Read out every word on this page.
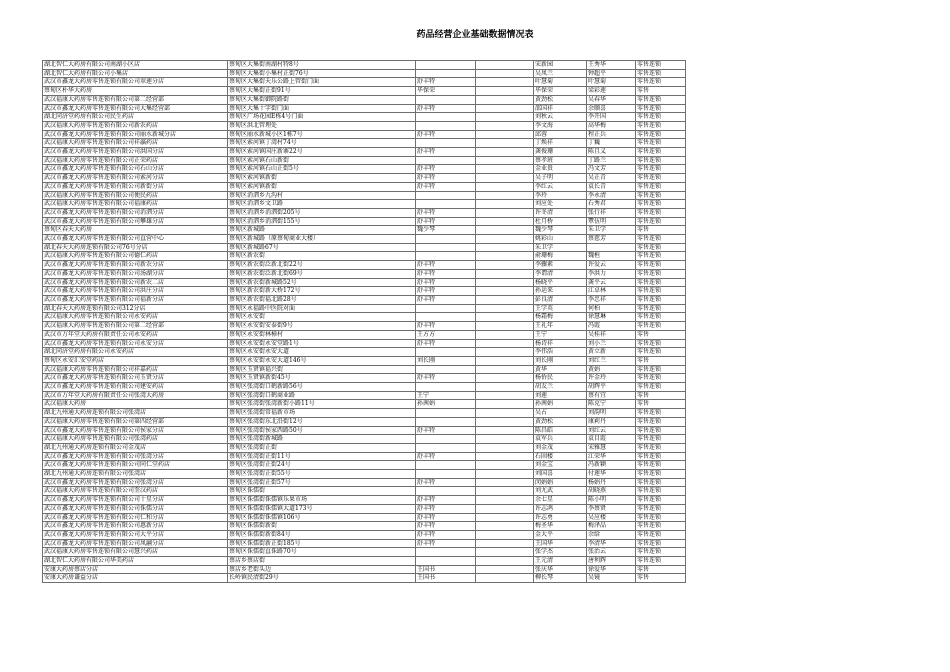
药品经营企业基础数据情况表
湖北智仁大药房有限公司南湖小区店	蔡甸区大集街南湖村特8号			宋新园	王秀华	零售连锁
湖北智仁大药房有限公司小集店	蔡甸区大集街小集村正街76号			吴凤兰	钟超平	零售连锁
武汉市鑫龙大药房零售连锁有限公司翠莲分店	蔡甸区大集街天乐公路上管街门面	舒丰特		叶慧菊	叶慧菊	零售连锁
蔡甸区朴华大药房	蔡甸区大集街正街91号	毕保荣		毕保荣	梁彩莲	零售
武汉福康大药房零售连锁有限公司第二经营部	蔡甸区大集街御院路街			黄劲松	吴春华	零售连锁
武汉市鑫龙大药房零售连锁有限公司大集经营部	蔡甸区大集十字街门面	舒丰特		邵国祥	余顺喜	零售连锁
湖北同济堂药房有限公司民生药店	蔡甸区广场花园E栋4号门面			刘秋云	李开国	零售连锁
武汉福康大药房零售连锁有限公司新农药店	蔡甸区洪北管理处			李文海	高华梅	零售连锁
武汉市鑫龙大药房零售连锁有限公司丽水新城分店	蔡甸区丽水新城小区1栋7号	舒丰特		邱蓉	程正兵	零售连锁
武汉福康大药房零售连锁有限公司祥瀛药店	蔡甸区索河镇丁湾村74号			丁焕祥	丁巍	零售连锁
武汉市鑫龙大药房零售连锁有限公司洪国分店	蔡甸区索河镇国庄新寨22号	舒丰特		龚俊珊	陈且义	零售连锁
武汉福康大药房零售连锁有限公司正荣药店	蔡甸区索河镇石山新街			蔡孝班	丁路兰	零售连锁
武汉市鑫龙大药房零售连锁有限公司石山分店	蔡甸区索河镇石山正街5号	舒丰特		金业贵	冯文芳	零售连锁
武汉市鑫龙大药房零售连锁有限公司索河分店	蔡甸区索河镇新街	舒丰特		吴子明	吴正青	零售连锁
武汉市鑫龙大药房零售连锁有限公司新街分店	蔡甸区索河镇新街	舒丰特		李红云	袁长青	零售连锁
武汉福康大药房零售连锁有限公司便民药店	蔡甸区消泗乡九沟村			李玲	李永清	零售连锁
武汉福康大药房零售连锁有限公司福康药店	蔡甸区消泗乡文卫路			刘应处	石秀君	零售连锁
武汉市鑫龙大药房零售连锁有限公司消泗分店	蔡甸区消泗乡消泗街205号	舒丰特		许冬清	张行祥	零售连锁
武汉市鑫龙大药房零售连锁有限公司攀雄分店	蔡甸区消泗乡消泗街155号	舒丰特		杜月桥	覃伍明	零售连锁
蔡甸区春天大药房	蔡甸区新城路	魏少琴		魏少琴	朱卫学	零售
武汉市鑫龙大药房零售连锁有限公司直营中心	蔡甸区新城路（原蔡甸商业大楼）			姚彩山	蔡慈芳	零售连锁
湖北春天大药房连锁有限公司76号分店	蔡甸区新城路67号			朱卫学		零售连锁
武汉福康大药房零售连锁有限公司德仁药店	蔡甸区新农街			俞珊梅	魏桓	零售连锁
武汉市鑫龙大药房零售连锁有限公司新农分店	蔡甸区新农街泛新北街22号	舒丰特		李骤素	许爱云	零售连锁
武汉市鑫龙大药房零售连锁有限公司汤湖分店	蔡甸区新农街泛新北街69号	舒丰特		李谓清	李洪力	零售连锁
武汉市鑫龙大药房零售连锁有限公司新农二店	蔡甸区新农街新城路52号	舒丰特		杨晓平	龚平云	零售连锁
武汉市鑫龙大药房零售连锁有限公司洪庄分店	蔡甸区新农街新大桥172号	舒丰特		孙运来	江卓林	零售连锁
武汉市鑫龙大药房零售连锁有限公司福新分店	蔡甸区新农街福北路28号	舒丰特		彭良清	李忠祥	零售连锁
湖北春天大药房连锁有限公司312分店	蔡甸区永福路中医院对面			王学英	何柏	零售连锁
武汉福康大药房零售连锁有限公司永安药店	蔡甸区永安街			杨霜梅	徐慧琳	零售连锁
武汉福康大药房零售连锁有限公司第二经营部	蔡甸区永安街安泰街9号	舒丰特		王礼年	冯霞	零售连锁
武汉市万年堂大药房有限责任公司永安药店	蔡甸区永安街林樟村	王方方		王宁	吴桂祥	零售
武汉市鑫龙大药房零售连锁有限公司永安分店	蔡甸区永安街永安堂路1号	舒丰特		杨诗祥	刘小兰	零售连锁
湖北同济堂药房有限公司永安药店	蔡甸区永安街永安大道			李伟浩	黄立新	零售连锁
蔡甸区永安汇安堂药店	蔡甸区永安街永安大道146号	刘长刚		刘长刚	刘红兰	零售
武汉福康大药房零售连锁有限公司祥嘉药店	蔡甸区玉贤镇福兴街			黄华	黄娟	零售连锁
武汉市鑫龙大药房零售连锁有限公司玉贤分店	蔡甸区玉贤镇新街45号	舒丰特		杨侨民	许金玲	零售连锁
武汉市鑫龙大药房零售连锁有限公司建安药店	蔡甸区张湾街口鹤新路56号			胡友兰	胡辉平	零售连锁
武汉市万年堂大药房有限责任公司张湾大药房	蔡甸区张湾街口鹤商业路	王宁		刘莲	蔡有宜	零售
武汉福康大药房	蔡甸区张湾街张湾新街小路11号	孙茜娟		孙茜娟	陈克宁	零售
湖北九州通大药房连锁有限公司张湾店	蔡甸区张湾街常福新市场			吴占	刘韵明	零售连锁
武汉福康大药房零售连锁有限公司第四经营部	蔡甸区张湾街东北沿街12号			黄劲松	康莉丹	零售连锁
武汉市鑫龙大药房零售连锁有限公司侯家分店	蔡甸区张湾街侯家西路50号	舒丰特		陈昌皓	刘红云	零售连锁
武汉福康大药房零售连锁有限公司张湾药店	蔡甸区张湾街新城路			袁军兵	袁目霞	零售连锁
湖北九州通大药房连锁有限公司金茂店	蔡甸区张湾街正街			刘金茂	宋雅慧	零售连锁
武汉市鑫龙大药房零售连锁有限公司张湾分店	蔡甸区张湾街正街11号	舒丰特		石固楼	江荣华	零售连锁
武汉市鑫龙大药房零售连锁有限公司同仁堂药店	蔡甸区张湾街正街24号			刘金宝	冯新颖	零售连锁
湖北九州通大药房连锁有限公司张湾店	蔡甸区张湾街正街55号			刘国喜	付莲华	零售连锁
武汉市鑫龙大药房零售连锁有限公司张湾分店	蔡甸区张湾街正街57号	舒丰特		闵娟娟	杨娟丹	零售连锁
武汉福康大药房零售连锁有限公司奎汉药店	蔡甸区侏儒街			刘尤武	胡晓燕	零售连锁
武汉市鑫龙大药房零售连锁有限公司十星分店	蔡甸区侏儒街侏儒镇乐果市场	舒丰特		余七星	陈小明	零售连锁
武汉市鑫龙大药房零售连锁有限公司侏儒分店	蔡甸区侏儒街侏儒镇大道173号	舒丰特		许志鸿	李蔡贤	零售连锁
武汉市鑫龙大药房零售连锁有限公司仁和分店	蔡甸区侏儒街侏儒镇106号	舒丰特		许志勇	吴应楼	零售连锁
武汉市鑫龙大药房零售连锁有限公司惠新分店	蔡甸区侏儒街新街	舒丰特		梅圣华	梅泽品	零售连锁
武汉市鑫龙大药房零售连锁有限公司大平分店	蔡甸区侏儒街新街84号	舒丰特		金大平	余给	零售连锁
武汉市鑫龙大药房零售连锁有限公司凤翮分店	蔡甸区侏儒街新正街185号	舒丰特		王国华	李清华	零售连锁
武汉福康大药房零售连锁有限公司慧兴药店	蔡甸区侏儒街直侏路70号			张学杰	张治云	零售连锁
湖北智仁大药房有限公司华美药店	蔡店乡蔡店街			王元清	唐利辉	零售连锁
安康大药房蔡店分店	蔡店乡老街头边	王国书		张庆华	徐爱华	零售
安康大药房谦益分店	长岭镇民清街29号	王国书		柳长琴	吴镜	零售
